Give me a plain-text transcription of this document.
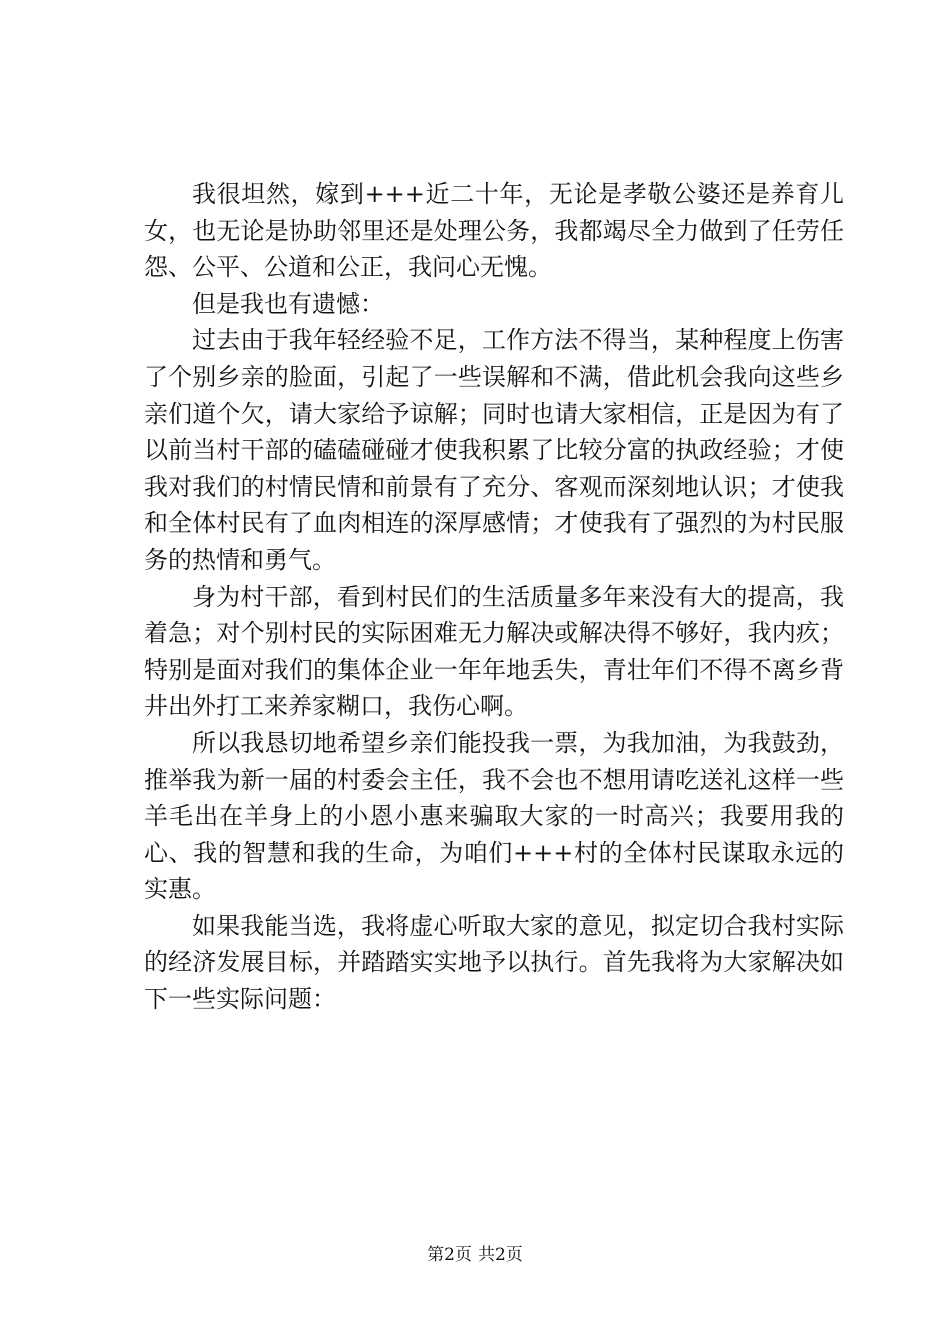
我很坦然，嫁到+++近二十年，无论是孝敬公婆还是养育儿女，也无论是协助邻里还是处理公务，我都竭尽全力做到了任劳任怨、公平、公道和公正，我问心无愧。

但是我也有遗憾：

过去由于我年轻经验不足，工作方法不得当，某种程度上伤害了个别乡亲的脸面，引起了一些误解和不满，借此机会我向这些乡亲们道个欠，请大家给予谅解；同时也请大家相信，正是因为有了以前当村干部的磕磕碰碰才使我积累了比较分富的执政经验；才使我对我们的村情民情和前景有了充分、客观而深刻地认识；才使我和全体村民有了血肉相连的深厚感情；才使我有了强烈的为村民服务的热情和勇气。

身为村干部，看到村民们的生活质量多年来没有大的提高，我着急；对个别村民的实际困难无力解决或解决得不够好，我内疚；特别是面对我们的集体企业一年年地丢失，青壮年们不得不离乡背井出外打工来养家糊口，我伤心啊。

所以我恳切地希望乡亲们能投我一票，为我加油，为我鼓劲，推举我为新一届的村委会主任，我不会也不想用请吃送礼这样一些羊毛出在羊身上的小恩小惠来骗取大家的一时高兴；我要用我的心、我的智慧和我的生命，为咱们+++村的全体村民谋取永远的实惠。

如果我能当选，我将虚心听取大家的意见，拟定切合我村实际的经济发展目标，并踏踏实实地予以执行。首先我将为大家解决如下一些实际问题：

第2页 共2页
